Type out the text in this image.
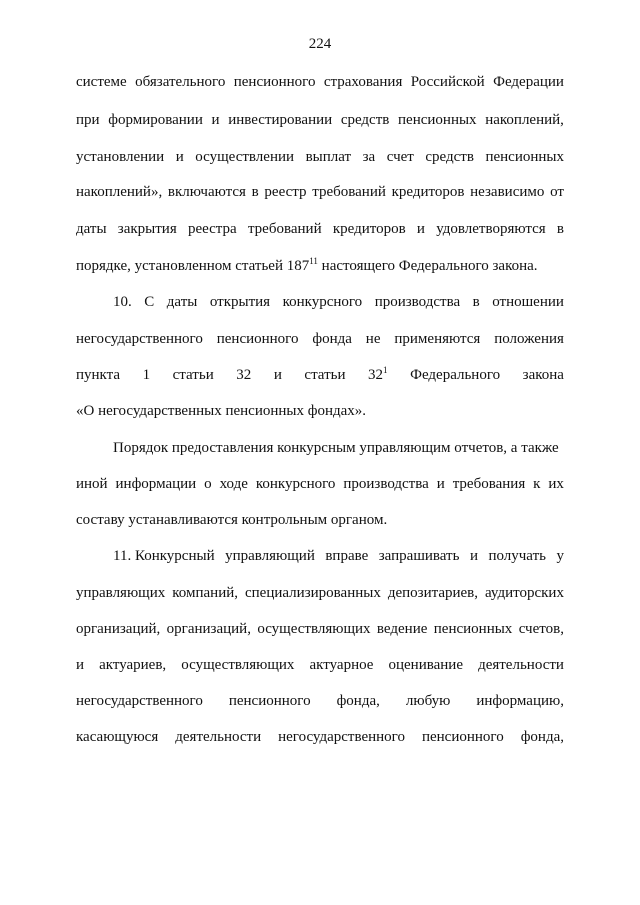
224
системе обязательного пенсионного страхования Российской Федерации
при формировании и инвестировании средств пенсионных накоплений,
установлении и осуществлении выплат за счет средств пенсионных
накоплений», включаются в реестр требований кредиторов независимо от
даты закрытия реестра требований кредиторов и удовлетворяются в
порядке, установленном статьей $187^{11}$ настоящего Федерального закона.
10. С даты открытия конкурсного производства в отношении
негосударственного пенсионного фонда не применяются положения
пункта 1 статьи 32 и статьи $32^1$ Федерального закона
«О негосударственных пенсионных фондах».
Порядок предоставления конкурсным управляющим отчетов, а также
иной информации о ходе конкурсного производства и требования к их
составу устанавливаются контрольным органом.
11. Конкурсный управляющий вправе запрашивать и получать у
управляющих компаний, специализированных депозитариев, аудиторских
организаций, организаций, осуществляющих ведение пенсионных счетов,
и актуариев, осуществляющих актуарное оценивание деятельности
негосударственного пенсионного фонда, любую информацию,
касающуюся деятельности негосударственного пенсионного фонда,
